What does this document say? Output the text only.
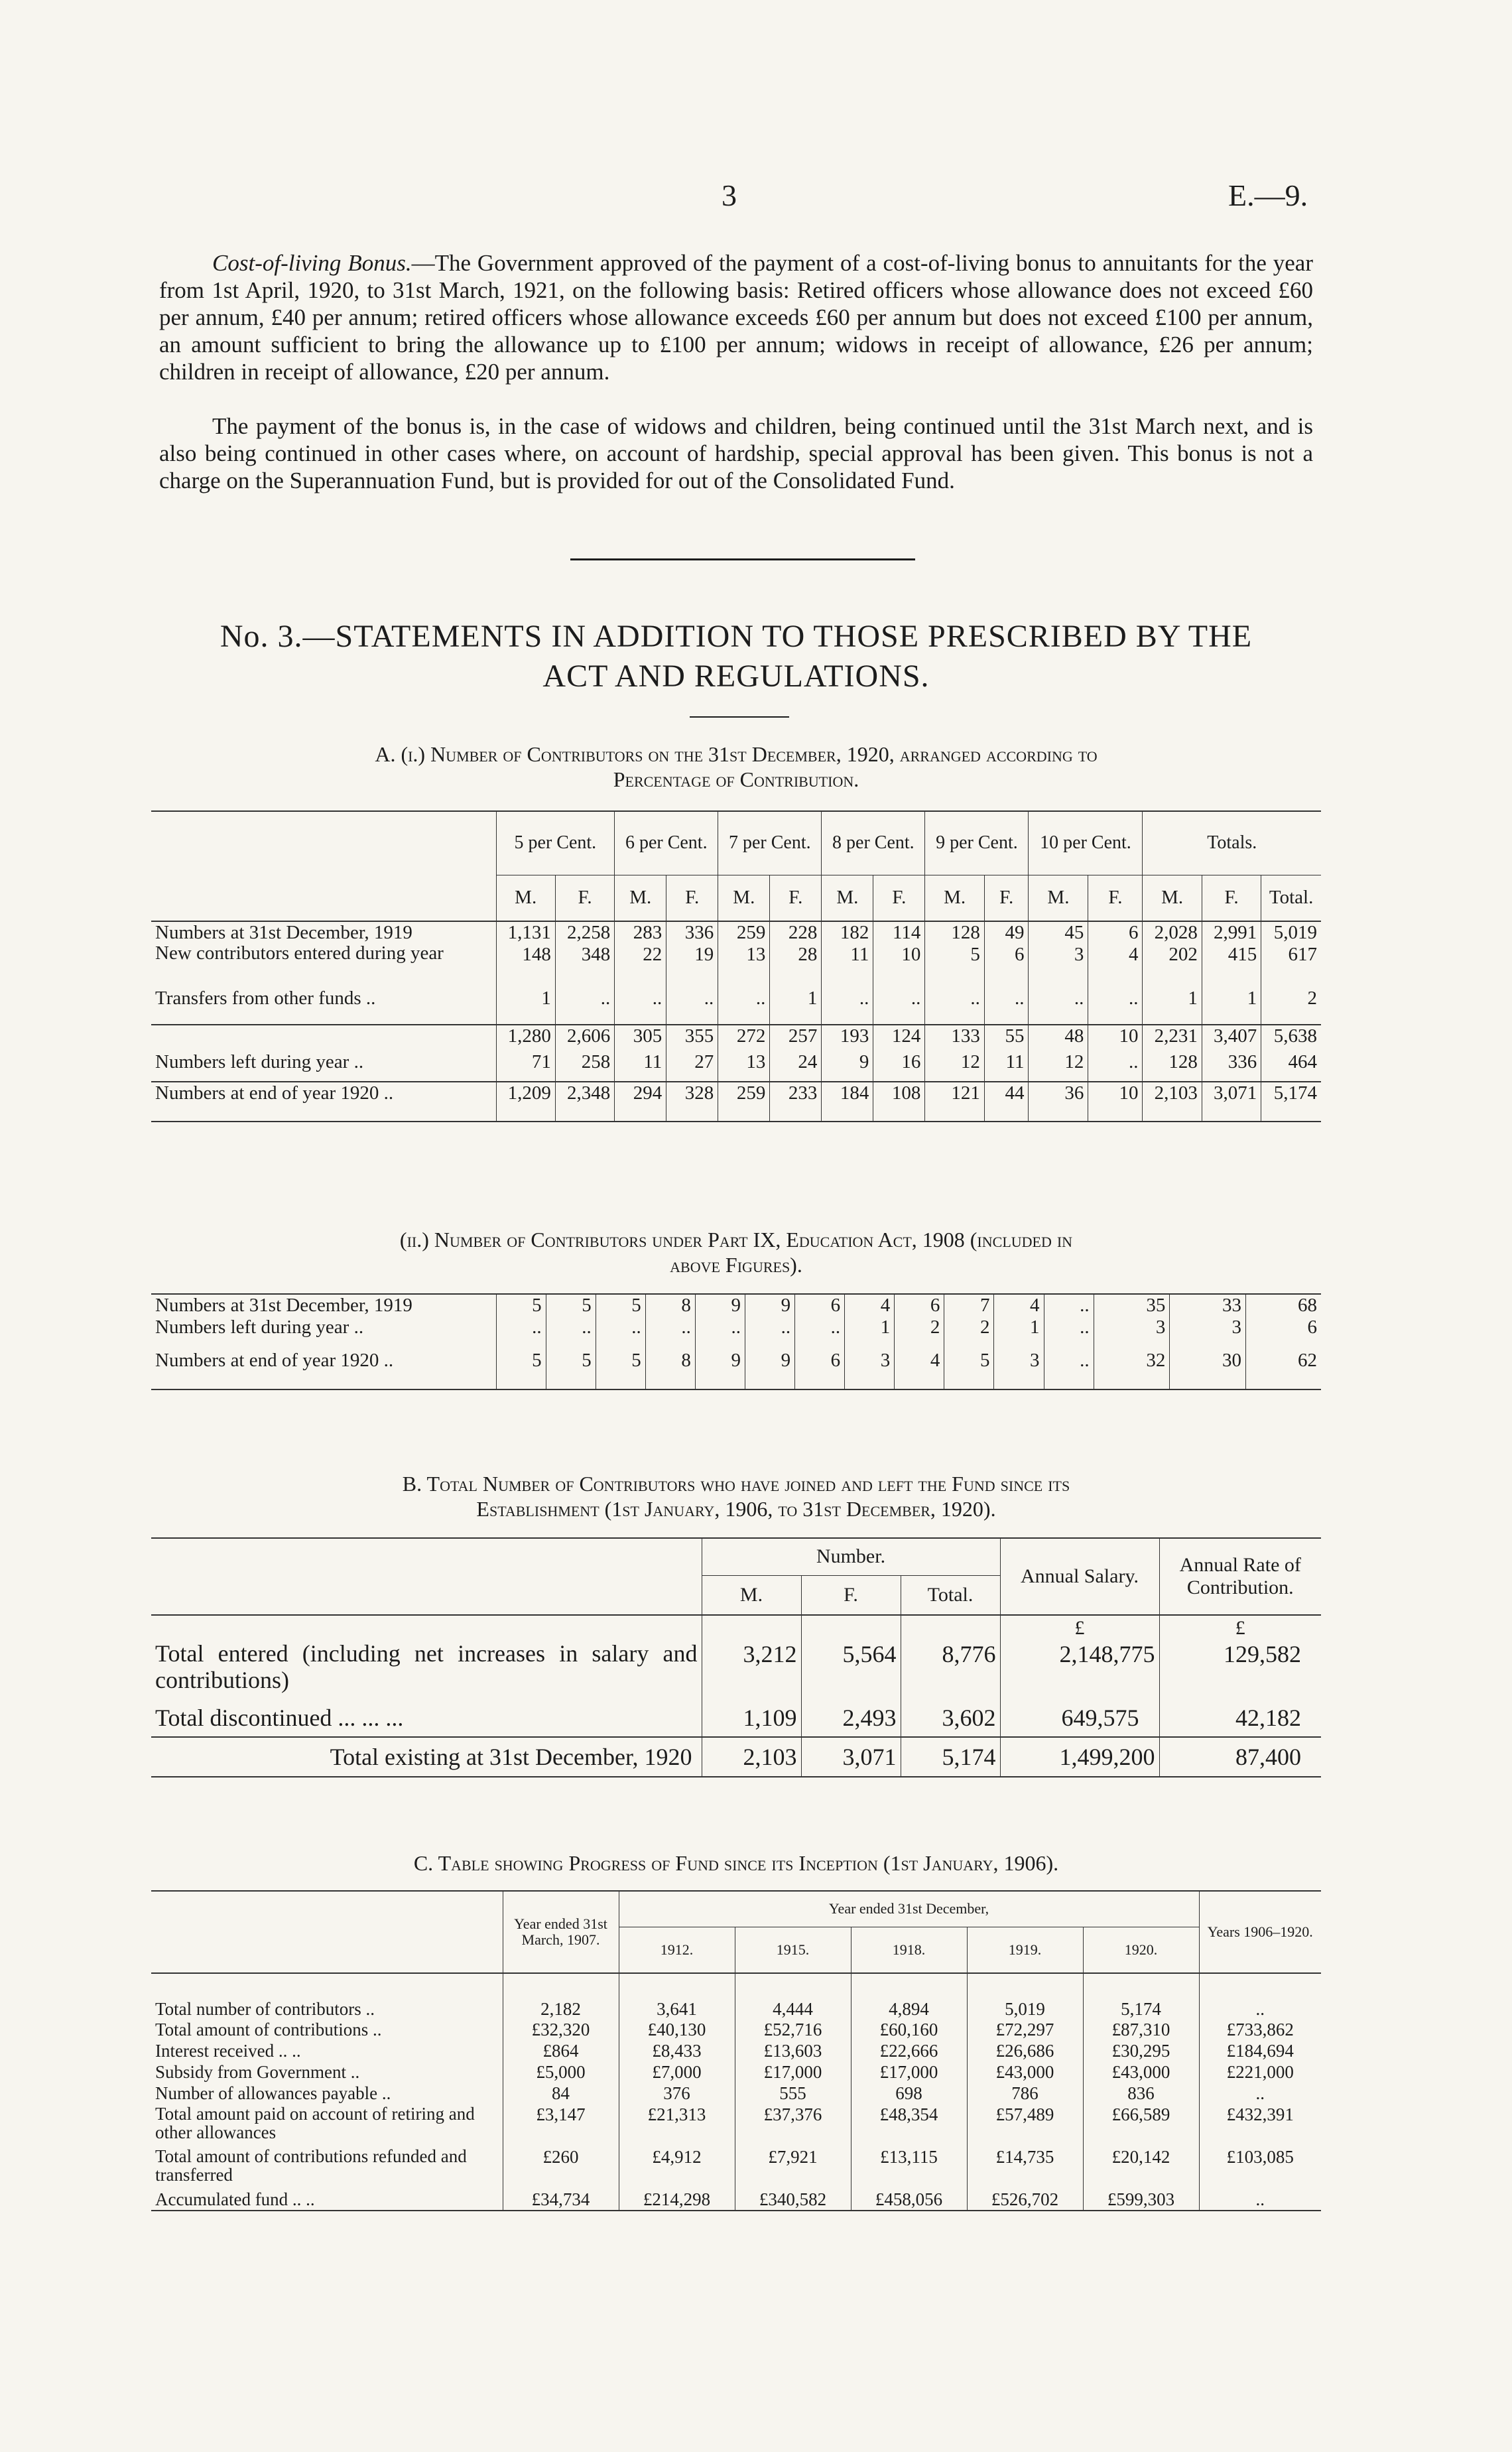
3	E.—9.
Cost-of-living Bonus.—The Government approved of the payment of a cost-of-living bonus to annuitants for the year from 1st April, 1920, to 31st March, 1921, on the following basis: Retired officers whose allowance does not exceed £60 per annum, £40 per annum; retired officers whose allowance exceeds £60 per annum but does not exceed £100 per annum, an amount sufficient to bring the allowance up to £100 per annum; widows in receipt of allowance, £26 per annum; children in receipt of allowance, £20 per annum.
The payment of the bonus is, in the case of widows and children, being continued until the 31st March next, and is also being continued in other cases where, on account of hardship, special approval has been given. This bonus is not a charge on the Superannuation Fund, but is provided for out of the Consolidated Fund.
No. 3.—STATEMENTS IN ADDITION TO THOSE PRESCRIBED BY THE
ACT AND REGULATIONS.
A. (i.) Number of Contributors on the 31st December, 1920, arranged according to
Percentage of Contribution.
	5 per Cent.		6 per Cent.		7 per Cent.		8 per Cent.		9 per Cent.		10 per Cent.		Totals.		
	M.	F.	M.	F.	M.	F.	M.	F.	M.	F.	M.	F.	M.	F.	Total.
Numbers at 31st December, 1919	1,131	2,258	283	336	259	228	182	114	128	49	45	6	2,028	2,991	5,019
New contributors entered during year	148	348	22	19	13	28	11	10	5	6	3	4	202	415	617
Transfers from other funds ..	1	..	..	..	..	1	..	..	..	..	..	..	1	1	2
	1,280	2,606	305	355	272	257	193	124	133	55	48	10	2,231	3,407	5,638
Numbers left during year ..	71	258	11	27	13	24	9	16	12	11	12	..	128	336	464
Numbers at end of year 1920 ..	1,209	2,348	294	328	259	233	184	108	121	44	36	10	2,103	3,071	5,174
(ii.) Number of Contributors under Part IX, Education Act, 1908 (included in
above Figures).
Numbers at 31st December, 1919	5	5	5	8	9	9	6	4	6	7	4	..	35	33	68
Numbers left during year ..	..	..	..	..	..	..	..	1	2	2	1	..	3	3	6
Numbers at end of year 1920 ..	5	5	5	8	9	9	6	3	4	5	3	..	32	30	62
B. Total Number of Contributors who have joined and left the Fund since its
Establishment (1st January, 1906, to 31st December, 1920).
	Number.			Annual Salary.	Annual Rate of Contribution.
	M.	F.	Total.		
				£	£
Total entered (including net increases in salary and contributions)	3,212	5,564	8,776	2,148,775	129,582
Total discontinued ... ... ...	1,109	2,493	3,602	649,575	42,182
Total existing at 31st December, 1920	2,103	3,071	5,174	1,499,200	87,400
C. Table showing Progress of Fund since its Inception (1st January, 1906).
	Year ended 31st March, 1907.	Year ended 31st December,					Years 1906–1920.
		1912.	1915.	1918.	1919.	1920.	
Total number of contributors ..	2,182	3,641	4,444	4,894	5,019	5,174	..
Total amount of contributions ..	£32,320	£40,130	£52,716	£60,160	£72,297	£87,310	£733,862
Interest received .. ..	£864	£8,433	£13,603	£22,666	£26,686	£30,295	£184,694
Subsidy from Government ..	£5,000	£7,000	£17,000	£17,000	£43,000	£43,000	£221,000
Number of allowances payable ..	84	376	555	698	786	836	..
Total amount paid on account of retiring and other allowances	£3,147	£21,313	£37,376	£48,354	£57,489	£66,589	£432,391
Total amount of contributions refunded and transferred	£260	£4,912	£7,921	£13,115	£14,735	£20,142	£103,085
Accumulated fund .. ..	£34,734	£214,298	£340,582	£458,056	£526,702	£599,303	..
